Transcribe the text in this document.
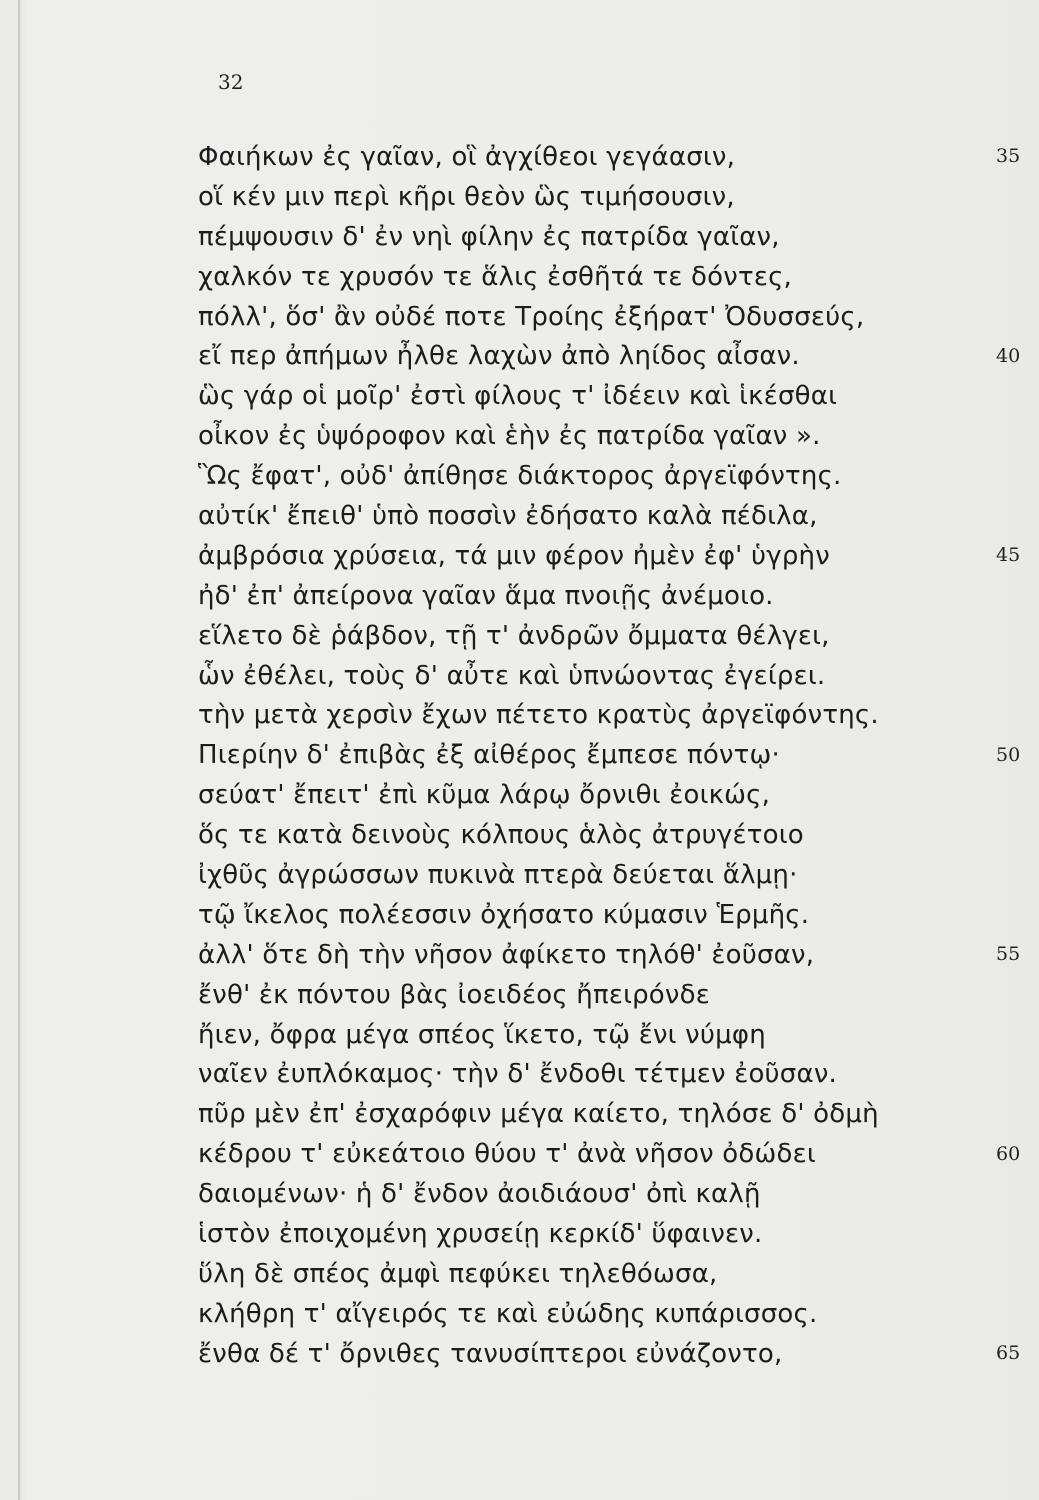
32
Φαιήκων ἐς γαῖαν, οἳ ἀγχίθεοι γεγάασιν,
οἵ κέν μιν περὶ κῆρι θεὸν ὣς τιμήσουσιν,
πέμψουσιν δ' ἐν νηὶ φίλην ἐς πατρίδα γαῖαν,
χαλκόν τε χρυσόν τε ἅλις ἐσθῆτά τε δόντες,
πόλλ', ὅσ' ἂν οὐδέ ποτε Τροίης ἐξήρατ' Ὀδυσσεύς,
εἴ περ ἀπήμων ἦλθε λαχὼν ἀπὸ ληίδος αἶσαν.
ὣς γάρ οἱ μοῖρ' ἐστὶ φίλους τ' ἰδέειν καὶ ἱκέσθαι
οἶκον ἐς ὑψόροφον καὶ ἑὴν ἐς πατρίδα γαῖαν ».
Ὣς ἔφατ', οὐδ' ἀπίθησε διάκτορος ἀργεϊφόντης.
αὐτίκ' ἔπειθ' ὑπὸ ποσσὶν ἐδήσατο καλὰ πέδιλα,
ἀμβρόσια χρύσεια, τά μιν φέρον ἠμὲν ἐφ' ὑγρὴν
ἠδ' ἐπ' ἀπείρονα γαῖαν ἅμα πνοιῇς ἀνέμοιο.
εἵλετο δὲ ῥάβδον, τῇ τ' ἀνδρῶν ὄμματα θέλγει,
ὧν ἐθέλει, τοὺς δ' αὖτε καὶ ὑπνώοντας ἐγείρει.
τὴν μετὰ χερσὶν ἔχων πέτετο κρατὺς ἀργεϊφόντης.
Πιερίην δ' ἐπιβὰς ἐξ αἰθέρος ἔμπεσε πόντῳ·
σεύατ' ἔπειτ' ἐπὶ κῦμα λάρῳ ὄρνιθι ἐοικώς,
ὅς τε κατὰ δεινοὺς κόλπους ἁλὸς ἀτρυγέτοιο
ἰχθῦς ἀγρώσσων πυκινὰ πτερὰ δεύεται ἅλμῃ·
τῷ ἴκελος πολέεσσιν ὀχήσατο κύμασιν Ἑρμῆς.
ἀλλ' ὅτε δὴ τὴν νῆσον ἀφίκετο τηλόθ' ἐοῦσαν,
ἔνθ' ἐκ πόντου βὰς ἰοειδέος ἤπειρόνδε
ἤιεν, ὄφρα μέγα σπέος ἵκετο, τῷ ἔνι νύμφη
ναῖεν ἐυπλόκαμος· τὴν δ' ἔνδοθι τέτμεν ἐοῦσαν.
πῦρ μὲν ἐπ' ἐσχαρόφιν μέγα καίετο, τηλόσε δ' ὀδμὴ
κέδρου τ' εὐκεάτοιο θύου τ' ἀνὰ νῆσον ὀδώδει
δαιομένων· ἡ δ' ἔνδον ἀοιδιάουσ' ὀπὶ καλῇ
ἱστὸν ἐποιχομένη χρυσείῃ κερκίδ' ὕφαινεν.
ὕλη δὲ σπέος ἀμφὶ πεφύκει τηλεθόωσα,
κλήθρη τ' αἴγειρός τε καὶ εὐώδης κυπάρισσος.
ἔνθα δέ τ' ὄρνιθες τανυσίπτεροι εὐνάζοντο,
35
40
45
50
55
60
65
